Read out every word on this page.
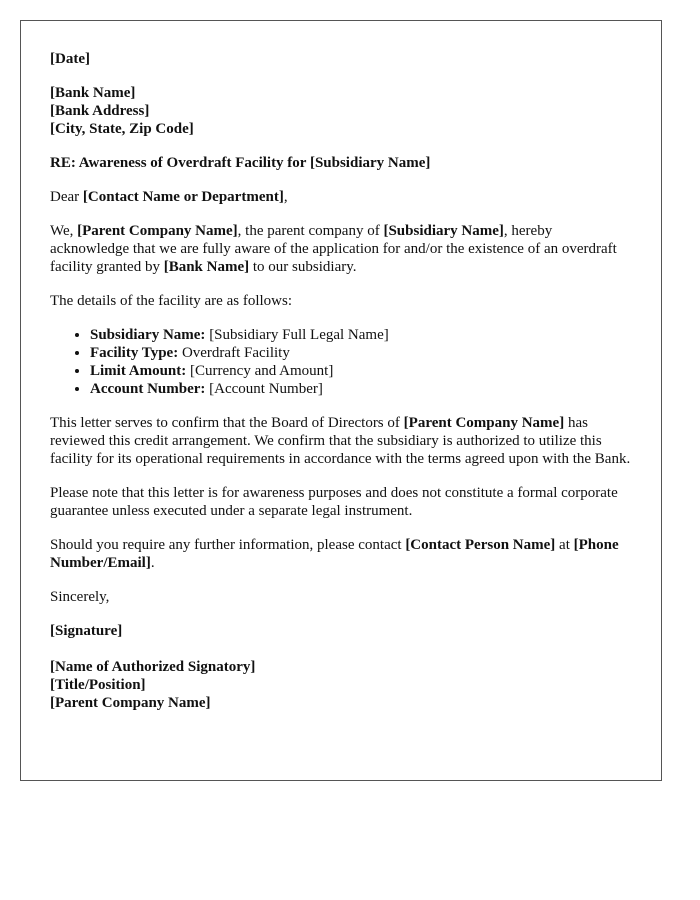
[Date]

[Bank Name]
[Bank Address]
[City, State, Zip Code]

RE: Awareness of Overdraft Facility for [Subsidiary Name]

Dear [Contact Name or Department],

We, [Parent Company Name], the parent company of [Subsidiary Name], hereby acknowledge that we are fully aware of the application for and/or the existence of an overdraft facility granted by [Bank Name] to our subsidiary.

The details of the facility are as follows:

• Subsidiary Name: [Subsidiary Full Legal Name]
• Facility Type: Overdraft Facility
• Limit Amount: [Currency and Amount]
• Account Number: [Account Number]

This letter serves to confirm that the Board of Directors of [Parent Company Name] has reviewed this credit arrangement. We confirm that the subsidiary is authorized to utilize this facility for its operational requirements in accordance with the terms agreed upon with the Bank.

Please note that this letter is for awareness purposes and does not constitute a formal corporate guarantee unless executed under a separate legal instrument.

Should you require any further information, please contact [Contact Person Name] at [Phone Number/Email].

Sincerely,

[Signature]

[Name of Authorized Signatory]
[Title/Position]
[Parent Company Name]
